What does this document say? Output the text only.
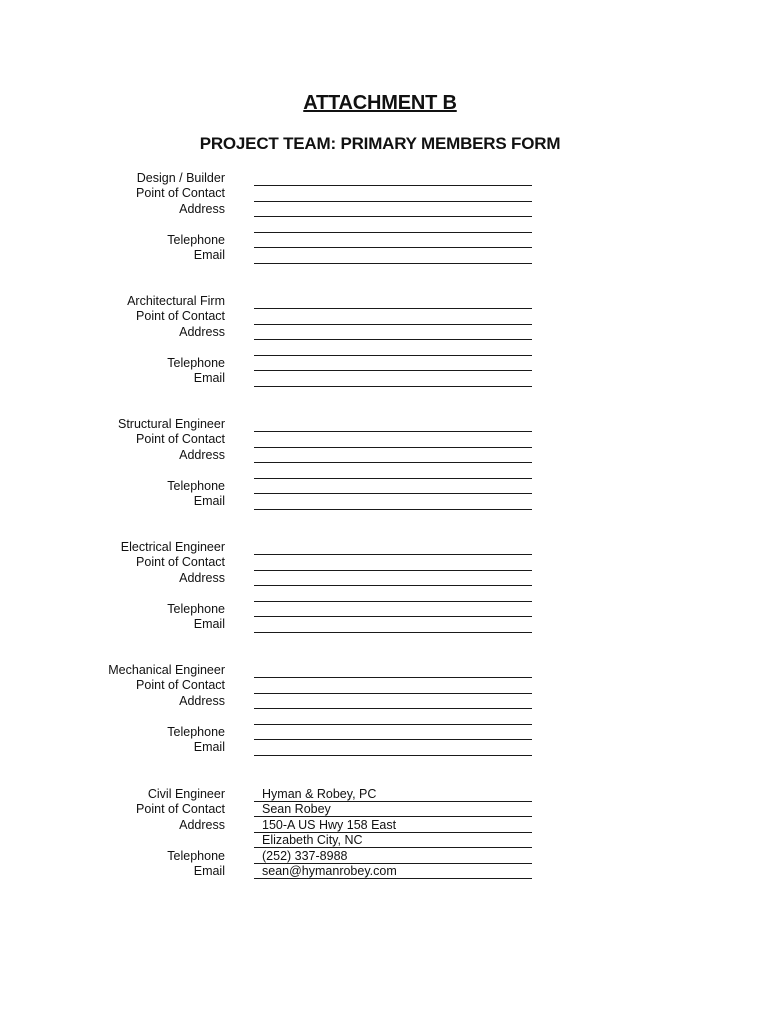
ATTACHMENT B
PROJECT TEAM: PRIMARY MEMBERS FORM
Design / Builder
Point of Contact
Address
Telephone
Email
Architectural Firm
Point of Contact
Address
Telephone
Email
Structural Engineer
Point of Contact
Address
Telephone
Email
Electrical Engineer
Point of Contact
Address
Telephone
Email
Mechanical Engineer
Point of Contact
Address
Telephone
Email
Civil Engineer
Point of Contact
Address
Telephone
Email
Hyman & Robey, PC
Sean Robey
150-A US Hwy 158 East
Elizabeth City, NC
(252) 337-8988
sean@hymanrobey.com
